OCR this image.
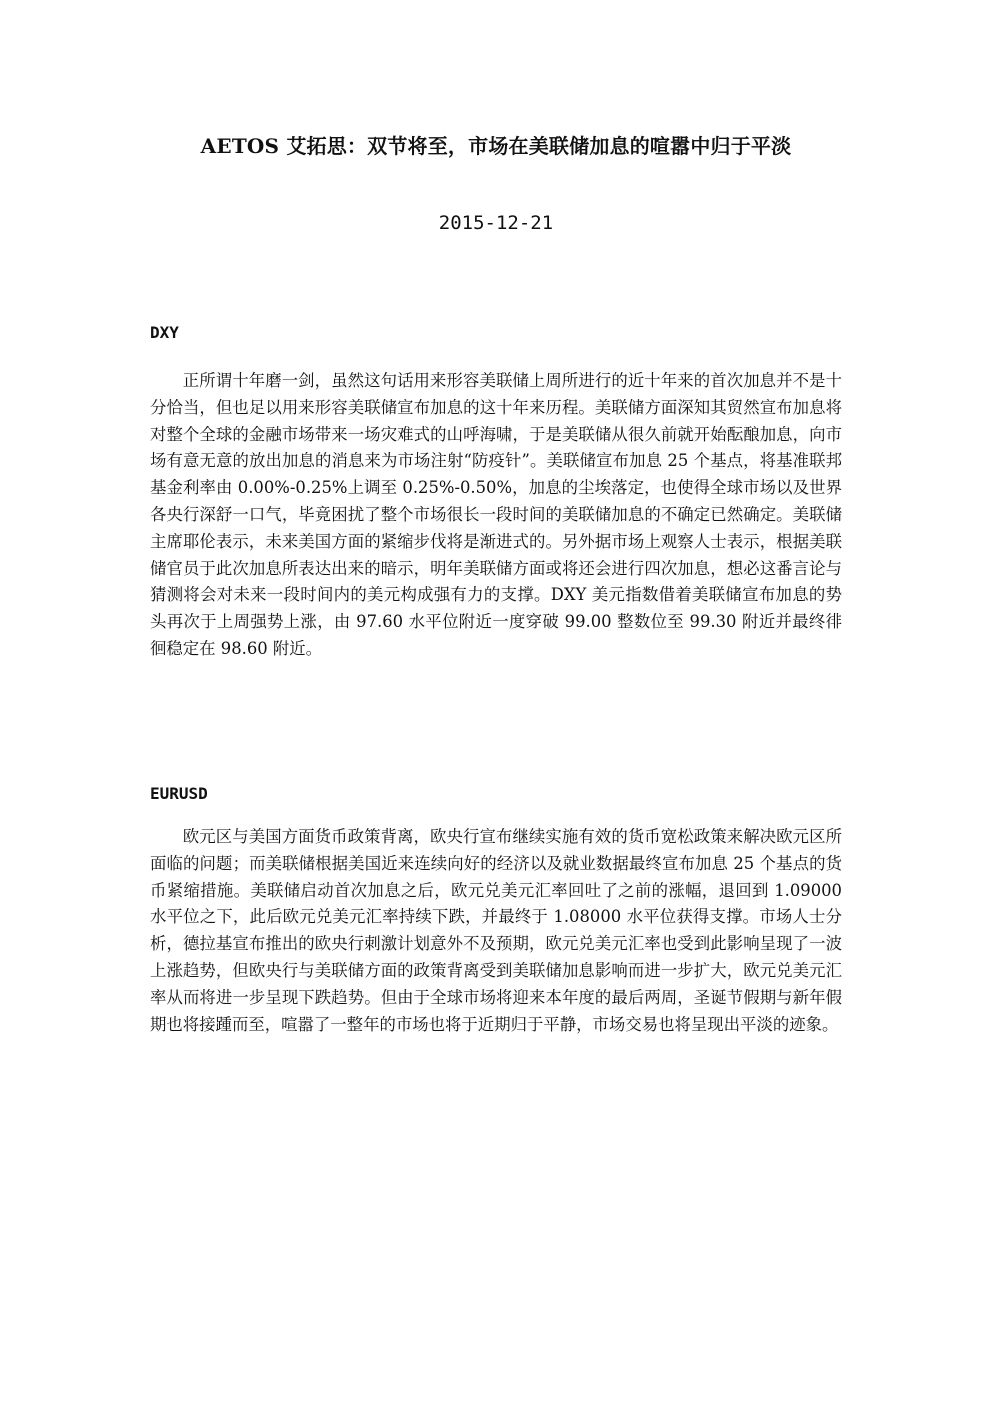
AETOS 艾拓思：双节将至，市场在美联储加息的喧嚣中归于平淡
2015-12-21
DXY

正所谓十年磨一剑，虽然这句话用来形容美联储上周所进行的近十年来的首次加息并不是十分恰当，但也足以用来形容美联储宣布加息的这十年来历程。美联储方面深知其贸然宣布加息将对整个全球的金融市场带来一场灾难式的山呼海啸，于是美联储从很久前就开始酝酿加息，向市场有意无意的放出加息的消息来为市场注射“防疫针”。美联储宣布加息 25 个基点，将基准联邦基金利率由 0.00%-0.25%上调至 0.25%-0.50%，加息的尘埃落定，也使得全球市场以及世界各央行深舒一口气，毕竟困扰了整个市场很长一段时间的美联储加息的不确定已然确定。美联储主席耶伦表示，未来美国方面的紧缩步伐将是渐进式的。另外据市场上观察人士表示，根据美联储官员于此次加息所表达出来的暗示，明年美联储方面或将还会进行四次加息，想必这番言论与猜测将会对未来一段时间内的美元构成强有力的支撑。DXY 美元指数借着美联储宣布加息的势头再次于上周强势上涨，由 97.60 水平位附近一度穿破 99.00 整数位至 99.30 附近并最终徘徊稳定在 98.60 附近。

EURUSD

欧元区与美国方面货币政策背离，欧央行宣布继续实施有效的货币宽松政策来解决欧元区所面临的问题；而美联储根据美国近来连续向好的经济以及就业数据最终宣布加息 25 个基点的货币紧缩措施。美联储启动首次加息之后，欧元兑美元汇率回吐了之前的涨幅，退回到 1.09000 水平位之下，此后欧元兑美元汇率持续下跌，并最终于 1.08000 水平位获得支撑。市场人士分析，德拉基宣布推出的欧央行刺激计划意外不及预期，欧元兑美元汇率也受到此影响呈现了一波上涨趋势，但欧央行与美联储方面的政策背离受到美联储加息影响而进一步扩大，欧元兑美元汇率从而将进一步呈现下跌趋势。但由于全球市场将迎来本年度的最后两周，圣诞节假期与新年假期也将接踵而至，喧嚣了一整年的市场也将于近期归于平静，市场交易也将呈现出平淡的迹象。
